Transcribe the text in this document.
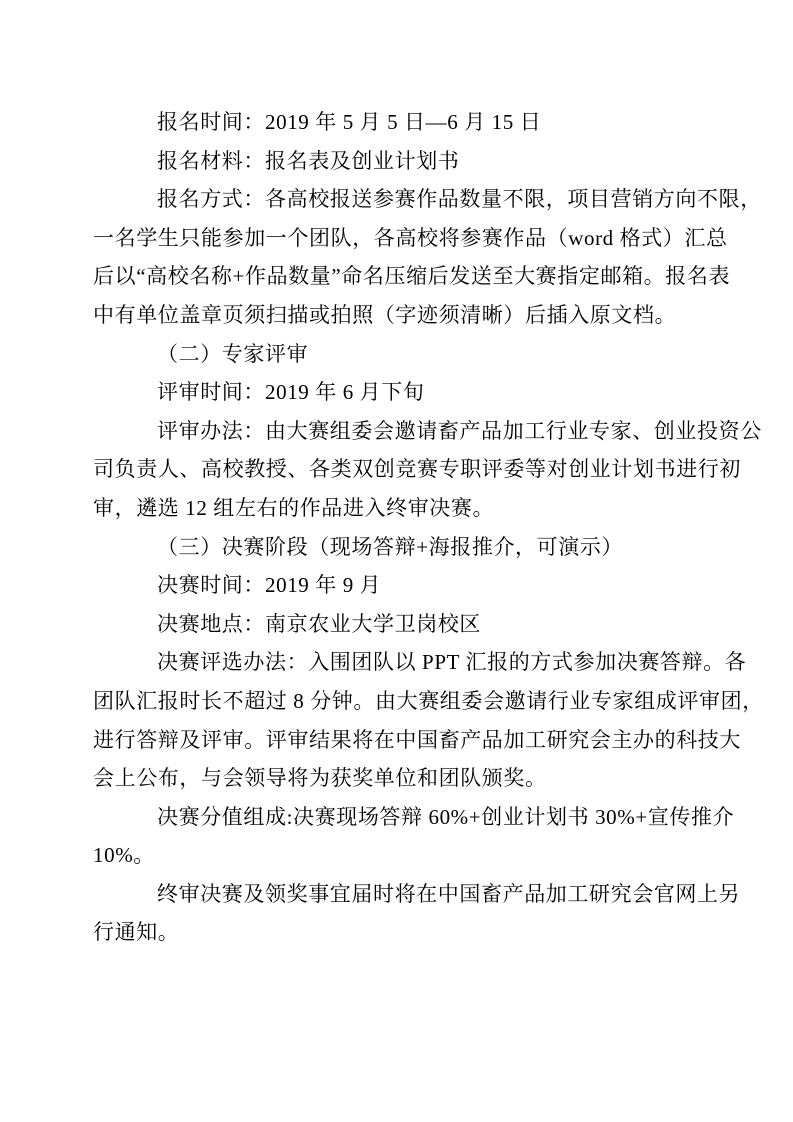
报名时间：2019 年 5 月 5 日—6 月 15 日
报名材料：报名表及创业计划书
报名方式：各高校报送参赛作品数量不限，项目营销方向不限，
一名学生只能参加一个团队，各高校将参赛作品（word 格式）汇总
后以“高校名称+作品数量”命名压缩后发送至大赛指定邮箱。报名表
中有单位盖章页须扫描或拍照（字迹须清晰）后插入原文档。
（二）专家评审
评审时间：2019 年 6 月下旬
评审办法：由大赛组委会邀请畜产品加工行业专家、创业投资公
司负责人、高校教授、各类双创竞赛专职评委等对创业计划书进行初
审，遴选 12 组左右的作品进入终审决赛。
（三）决赛阶段（现场答辩+海报推介，可演示）
决赛时间：2019 年 9 月
决赛地点：南京农业大学卫岗校区
决赛评选办法：入围团队以 PPT 汇报的方式参加决赛答辩。各
团队汇报时长不超过 8 分钟。由大赛组委会邀请行业专家组成评审团，
进行答辩及评审。评审结果将在中国畜产品加工研究会主办的科技大
会上公布，与会领导将为获奖单位和团队颁奖。
决赛分值组成:决赛现场答辩 60%+创业计划书 30%+宣传推介
10%。
终审决赛及领奖事宜届时将在中国畜产品加工研究会官网上另
行通知。
